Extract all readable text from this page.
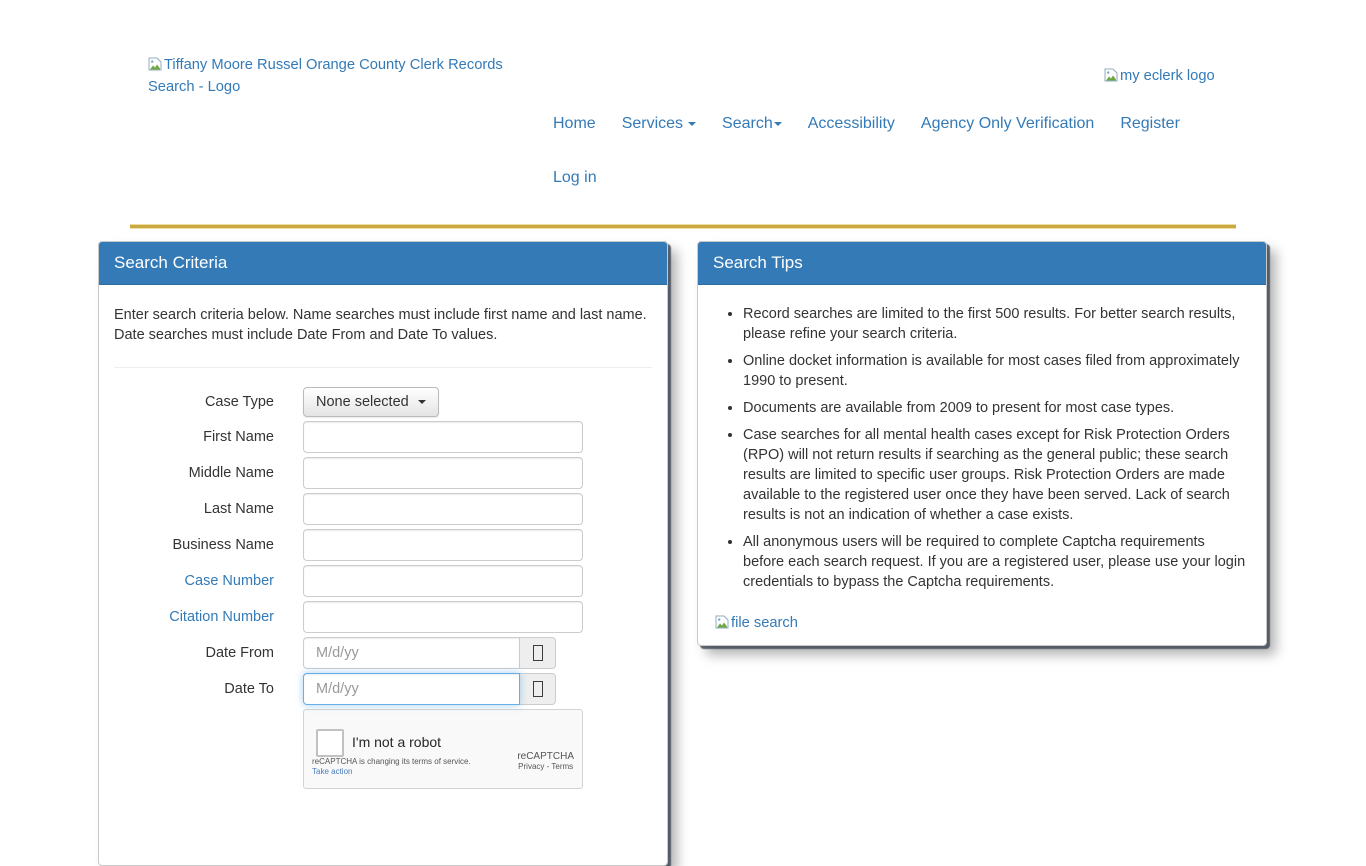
Tiffany Moore Russel Orange County Clerk Records Search - Logo
my eclerk logo
Home	Services	Search	Accessibility	Agency Only Verification	Register
Log in
Search Criteria

Enter search criteria below. Name searches must include first name and last name. Date searches must include Date From and Date To values.

Case Type	None selected
First Name
Middle Name
Last Name
Business Name
Case Number
Citation Number
Date From
M/d/yy
Date To
M/d/yy
I'm not a robot
reCAPTCHA is changing its terms of service.
Take action
reCAPTCHA
Privacy - Terms
Search Tips
• Record searches are limited to the first 500 results. For better search results, please refine your search criteria.
• Online docket information is available for most cases filed from approximately 1990 to present.
• Documents are available from 2009 to present for most case types.
• Case searches for all mental health cases except for Risk Protection Orders (RPO) will not return results if searching as the general public; these search results are limited to specific user groups. Risk Protection Orders are made available to the registered user once they have been served. Lack of search results is not an indication of whether a case exists.
• All anonymous users will be required to complete Captcha requirements before each search request. If you are a registered user, please use your login credentials to bypass the Captcha requirements.
file search
